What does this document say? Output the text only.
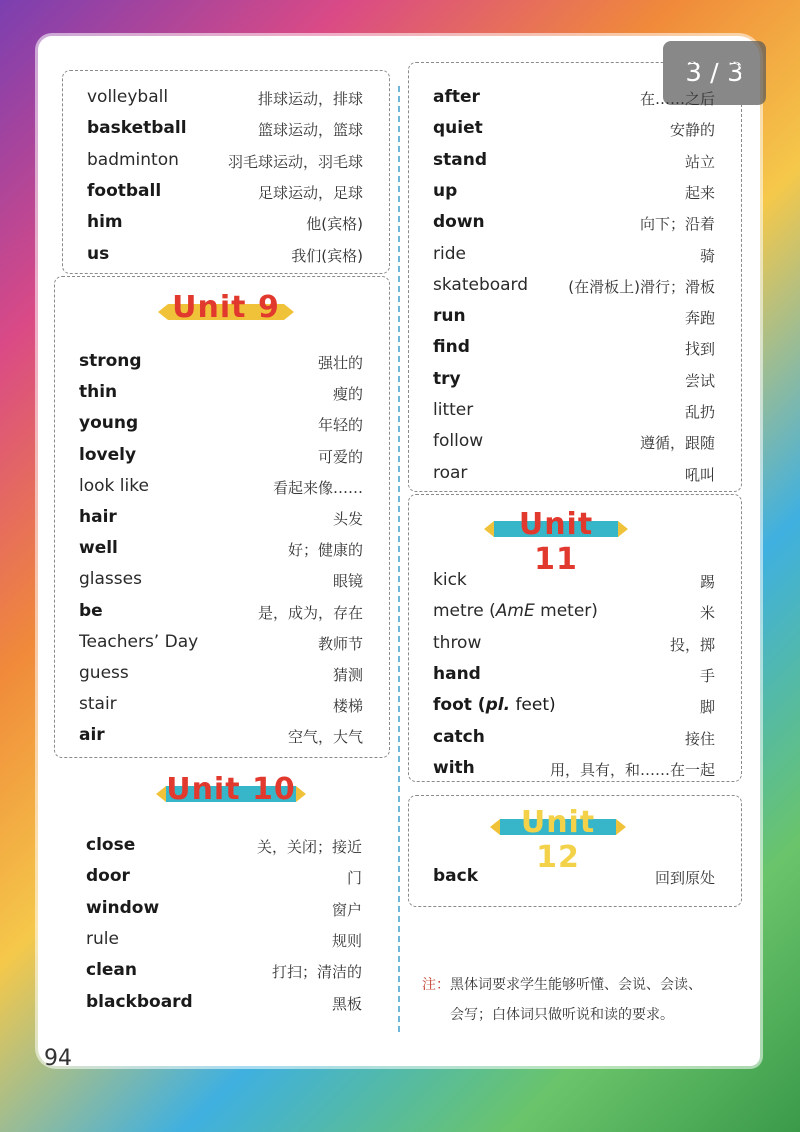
3 / 3
volleyball	排球运动，排球
basketball	篮球运动，篮球
badminton	羽毛球运动，羽毛球
football	足球运动，足球
him	他(宾格)
us	我们(宾格)
strong	强壮的
thin	瘦的
young	年轻的
lovely	可爱的
look like	看起来像……
hair	头发
well	好；健康的
glasses	眼镜
be	是，成为，存在
Teachers’ Day	教师节
guess	猜测
stair	楼梯
air	空气，大气
Unit 9
Unit 10
close	关，关闭；接近
door	门
window	窗户
rule	规则
clean	打扫；清洁的
blackboard	黑板
after	在……之后
quiet	安静的
stand	站立
up	起来
down	向下；沿着
ride	骑
skateboard	(在滑板上)滑行；滑板
run	奔跑
find	找到
try	尝试
litter	乱扔
follow	遵循，跟随
roar	吼叫
kick	踢
metre (AmE meter)	米
throw	投，掷
hand	手
foot (pl. feet)	脚
catch	接住
with	用，具有，和……在一起
Unit 11
back	回到原处
Unit 12
注：黑体词要求学生能够听懂、会说、会读、
会写；白体词只做听说和读的要求。
94
